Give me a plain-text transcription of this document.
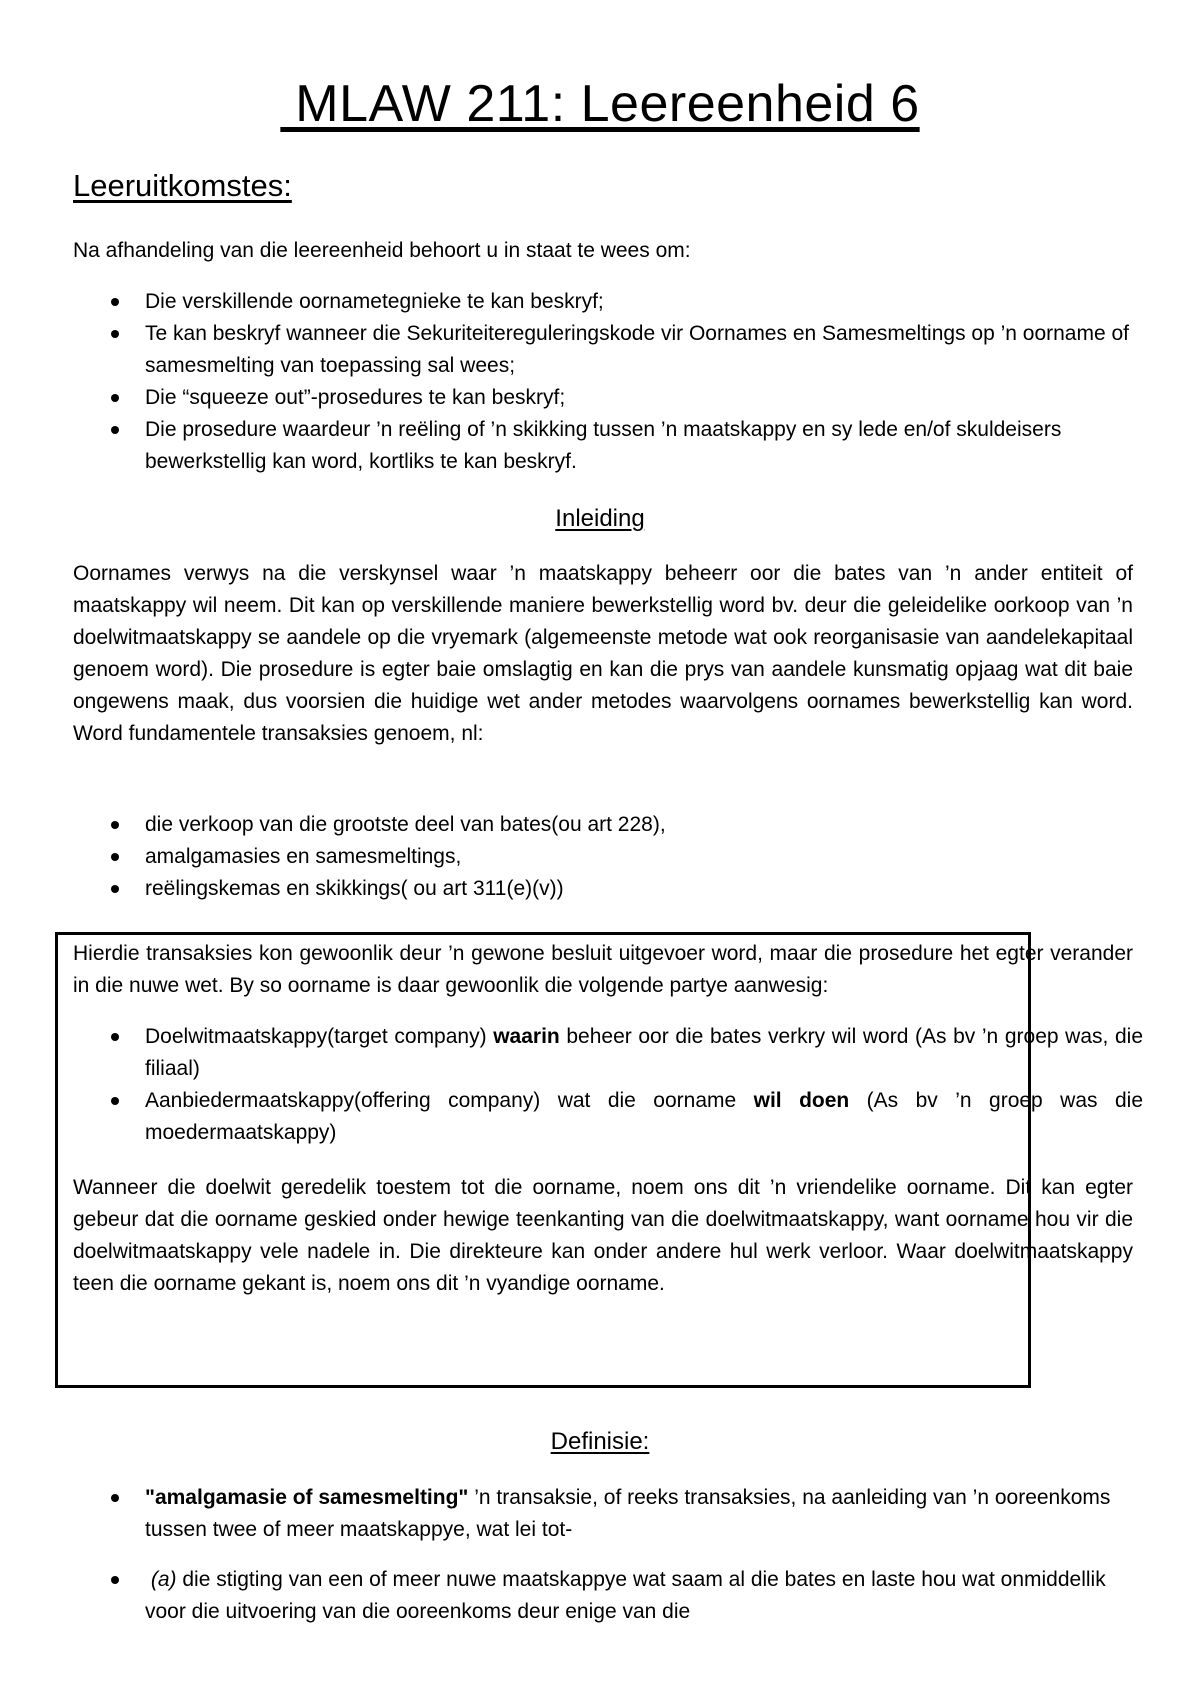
MLAW 211: Leereenheid 6
Leeruitkomstes:
Na afhandeling van die leereenheid behoort u in staat te wees om:
Die verskillende oornametegnieke te kan beskryf;
Te kan beskryf wanneer die Sekuriteitereguleringskode vir Oornames en Samesmeltings op ’n oorname of samesmelting van toepassing sal wees;
Die “squeeze out”-prosedures te kan beskryf;
Die prosedure waardeur ’n reëling of ’n skikking tussen ’n maatskappy en sy lede en/of skuldeisers bewerkstellig kan word, kortliks te kan beskryf.
Inleiding
Oornames verwys na die verskynsel waar ’n maatskappy beheerr oor die bates van ’n ander entiteit of maatskappy wil neem. Dit kan op verskillende maniere bewerkstellig word bv. deur die geleidelike oorkoop van ’n doelwitmaatskappy se aandele op die vryemark (algemeenste metode wat ook reorganisasie van aandelekapitaal genoem word). Die prosedure is egter baie omslagtig en kan die prys van aandele kunsmatig opjaag wat dit baie ongewens maak, dus voorsien die huidige wet ander metodes waarvolgens oornames bewerkstellig kan word. Word fundamentele transaksies genoem, nl:
die verkoop van die grootste deel van bates(ou art 228),
amalgamasies en samesmeltings,
reëlingskemas en skikkings( ou art 311(e)(v))
Hierdie transaksies kon gewoonlik deur ’n gewone besluit uitgevoer word, maar die prosedure het egter verander in die nuwe wet. By so oorname is daar gewoonlik die volgende partye aanwesig:
Doelwitmaatskappy(target company) waarin beheer oor die bates verkry wil word (As bv ’n groep was, die filiaal)
Aanbiedermaatskappy(offering company) wat die oorname wil doen (As bv ’n groep was die moedermaatskappy)
Wanneer die doelwit geredelik toestem tot die oorname, noem ons dit ’n vriendelike oorname. Dit kan egter gebeur dat die oorname geskied onder hewige teenkanting van die doelwitmaatskappy, want oorname hou vir die doelwitmaatskappy vele nadele in. Die direkteure kan onder andere hul werk verloor. Waar doelwitmaatskappy teen die oorname gekant is, noem ons dit ’n vyandige oorname.
Definisie:
"amalgamasie of samesmelting" ’n transaksie, of reeks transaksies, na aanleiding van ’n ooreenkoms tussen twee of meer maatskappye, wat lei tot-
(a) die stigting van een of meer nuwe maatskappye wat saam al die bates en laste hou wat onmiddellik voor die uitvoering van die ooreenkoms deur enige van die
